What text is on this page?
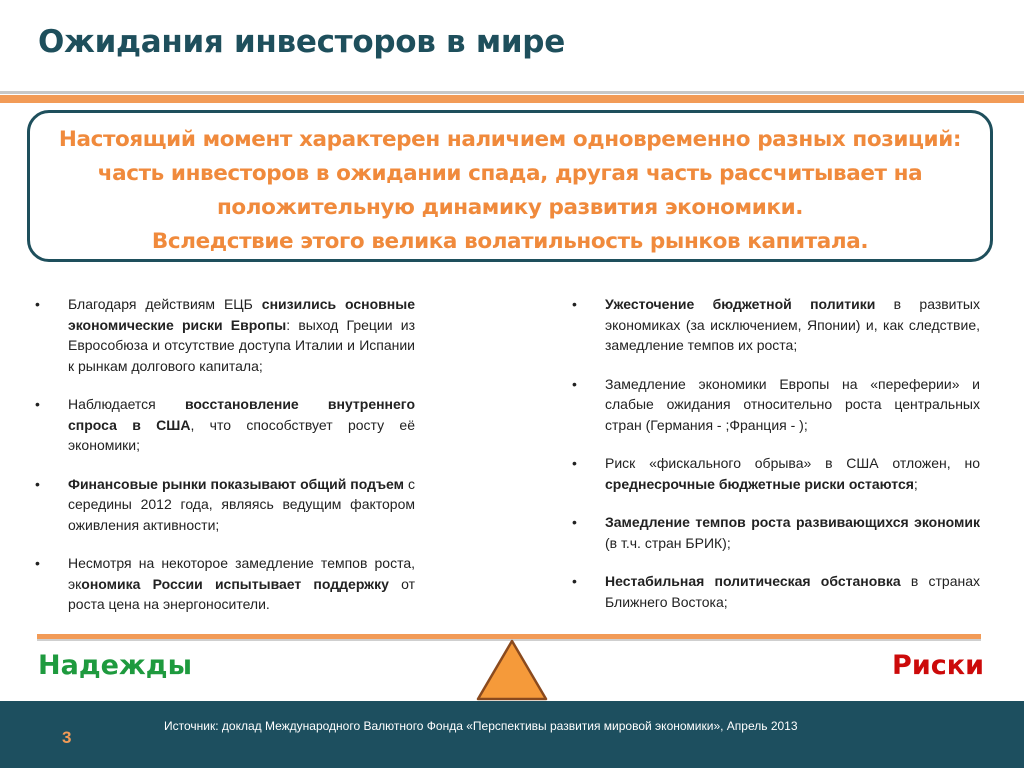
Ожидания инвесторов в мире

Настоящий момент характерен наличием одновременно разных позиций:

часть инвесторов в ожидании спада, другая часть рассчитывает на

положительную динамику развития экономики.

Вследствие этого велика волатильность рынков капитала.

• Благодаря действиям ЕЦБ снизились основные экономические риски Европы: выход Греции из Еврособюза и отсутствие доступа Италии и Испании к рынкам долгового капитала;
• Наблюдается восстановление внутреннего спроса в США, что способствует росту её экономики;
• Финансовые рынки показывают общий подъем с середины 2012 года, являясь ведущим фактором оживления активности;
• Несмотря на некоторое замедление темпов роста, экономика России испытывает поддержку от роста цена на энергоносители.
• Ужесточение бюджетной политики в развитых экономиках (за исключением, Японии) и, как следствие, замедление темпов их роста;
• Замедление экономики Европы на «переферии» и слабые ожидания относительно роста центральных стран (Германия - ;Франция - );
• Риск «фискального обрыва» в США отложен, но среднесрочные бюджетные риски остаются;
• Замедление темпов роста развивающихся экономик (в т.ч. стран БРИК);
• Нестабильная политическая обстановка в странах Ближнего Востока;
Надежды	Риски
3
Источник: доклад Международного Валютного Фонда «Перспективы развития мировой экономики», Апрель 2013
